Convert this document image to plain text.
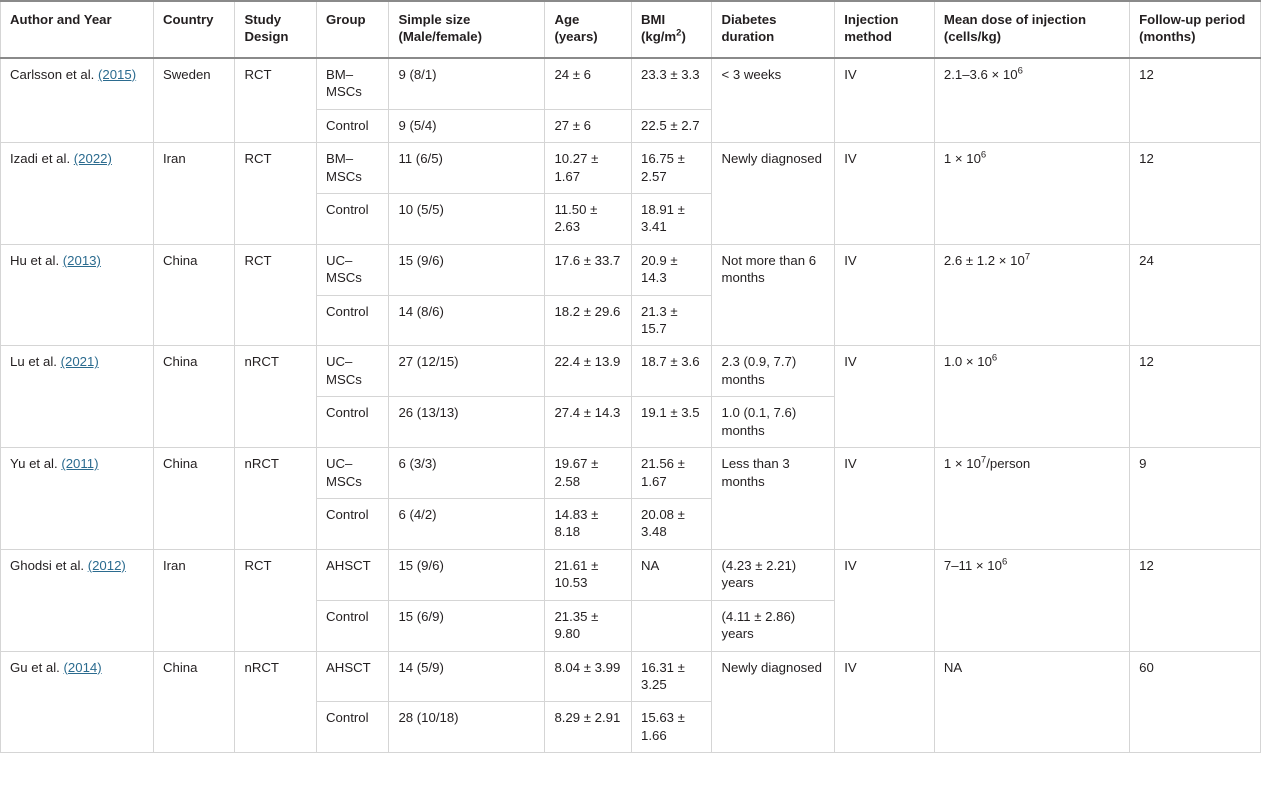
Author and Year	Country	Study Design	Group	Simple size (Male/female)	Age (years)	BMI $(kg/m^2)$	Diabetes duration	Injection method	Mean dose of injection (cells/kg)	Follow-up period (months)
Carlsson et al. (2015)	Sweden	RCT	BM–MSCs	9 (8/1)	24 ± 6	23.3 ± 3.3	< 3 weeks	IV	$2.1-3.6 \times 10^6$	12
			Control	9 (5/4)	27 ± 6	22.5 ± 2.7				
Izadi et al. (2022)	Iran	RCT	BM–MSCs	11 (6/5)	10.27 ± 1.67	16.75 ± 2.57	Newly diagnosed	IV	$1 \times 10^6$	12
			Control	10 (5/5)	11.50 ± 2.63	18.91 ± 3.41				
Hu et al. (2013)	China	RCT	UC–MSCs	15 (9/6)	17.6 ± 33.7	20.9 ± 14.3	Not more than 6 months	IV	$2.6 \pm 1.2 \times 10^7$	24
			Control	14 (8/6)	18.2 ± 29.6	21.3 ± 15.7				
Lu et al. (2021)	China	nRCT	UC–MSCs	27 (12/15)	22.4 ± 13.9	18.7 ± 3.6	2.3 (0.9, 7.7) months	IV	$1.0 \times 10^6$	12
			Control	26 (13/13)	27.4 ± 14.3	19.1 ± 3.5	1.0 (0.1, 7.6) months			
Yu et al. (2011)	China	nRCT	UC–MSCs	6 (3/3)	19.67 ± 2.58	21.56 ± 1.67	Less than 3 months	IV	$1 \times 10^7$/person	9
			Control	6 (4/2)	14.83 ± 8.18	20.08 ± 3.48				
Ghodsi et al. (2012)	Iran	RCT	AHSCT	15 (9/6)	21.61 ± 10.53	NA	(4.23 ± 2.21) years	IV	$7-11 \times 10^6$	12
			Control	15 (6/9)	21.35 ± 9.80		(4.11 ± 2.86) years			
Gu et al. (2014)	China	nRCT	AHSCT	14 (5/9)	8.04 ± 3.99	16.31 ± 3.25	Newly diagnosed	IV	NA	60
			Control	28 (10/18)	8.29 ± 2.91	15.63 ± 1.66				
